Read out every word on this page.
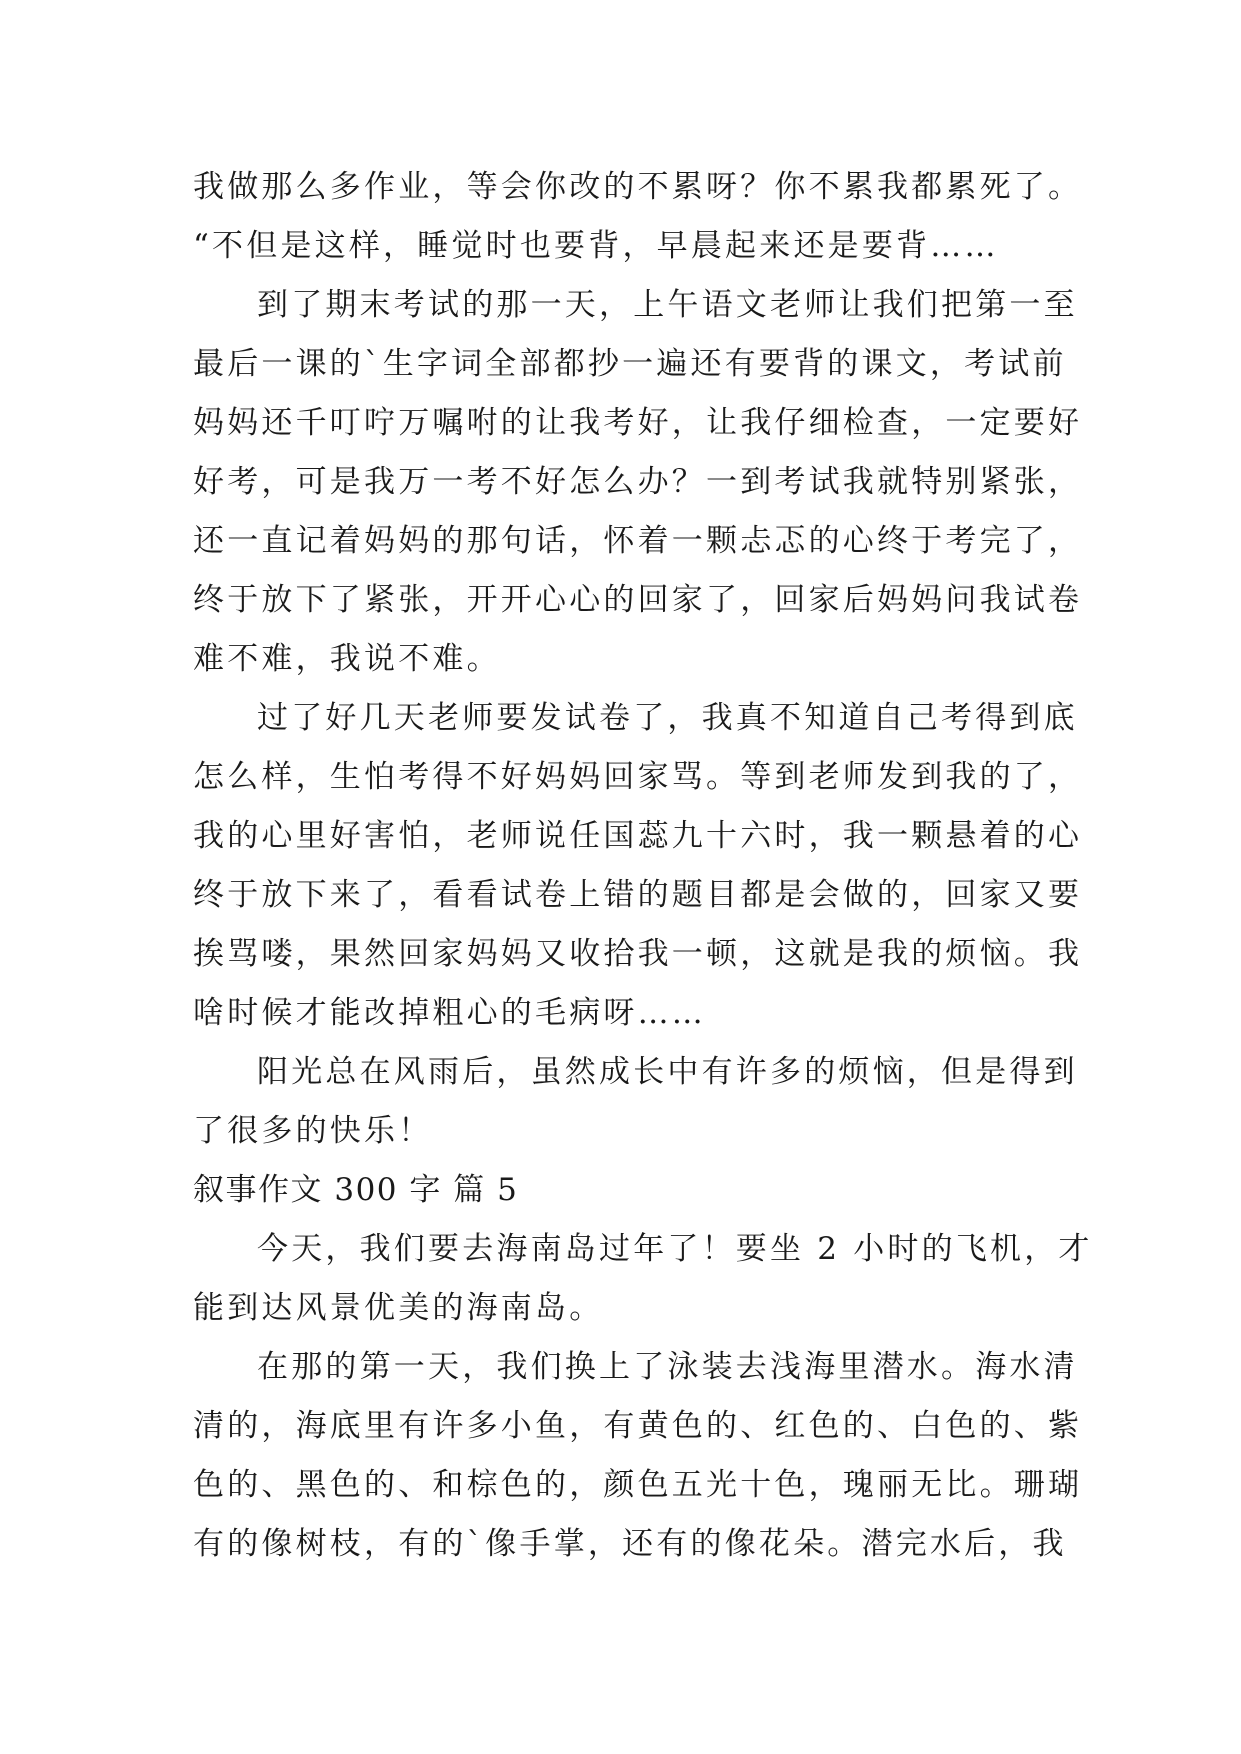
我做那么多作业，等会你改的不累呀？你不累我都累死了。
“不但是这样，睡觉时也要背，早晨起来还是要背……
到了期末考试的那一天，上午语文老师让我们把第一至
最后一课的`生字词全部都抄一遍还有要背的课文，考试前
妈妈还千叮咛万嘱咐的让我考好，让我仔细检查，一定要好
好考，可是我万一考不好怎么办？一到考试我就特别紧张，
还一直记着妈妈的那句话，怀着一颗忐忑的心终于考完了，
终于放下了紧张，开开心心的回家了，回家后妈妈问我试卷
难不难，我说不难。
过了好几天老师要发试卷了，我真不知道自己考得到底
怎么样，生怕考得不好妈妈回家骂。等到老师发到我的了，
我的心里好害怕，老师说任国蕊九十六时，我一颗悬着的心
终于放下来了，看看试卷上错的题目都是会做的，回家又要
挨骂喽，果然回家妈妈又收拾我一顿，这就是我的烦恼。我
啥时候才能改掉粗心的毛病呀……
阳光总在风雨后，虽然成长中有许多的烦恼，但是得到
了很多的快乐！
叙事作文 300 字 篇 5
今天，我们要去海南岛过年了！要坐 2 小时的飞机，才
能到达风景优美的海南岛。
在那的第一天，我们换上了泳装去浅海里潜水。海水清
清的，海底里有许多小鱼，有黄色的、红色的、白色的、紫
色的、黑色的、和棕色的，颜色五光十色，瑰丽无比。珊瑚
有的像树枝，有的`像手掌，还有的像花朵。潜完水后，我
